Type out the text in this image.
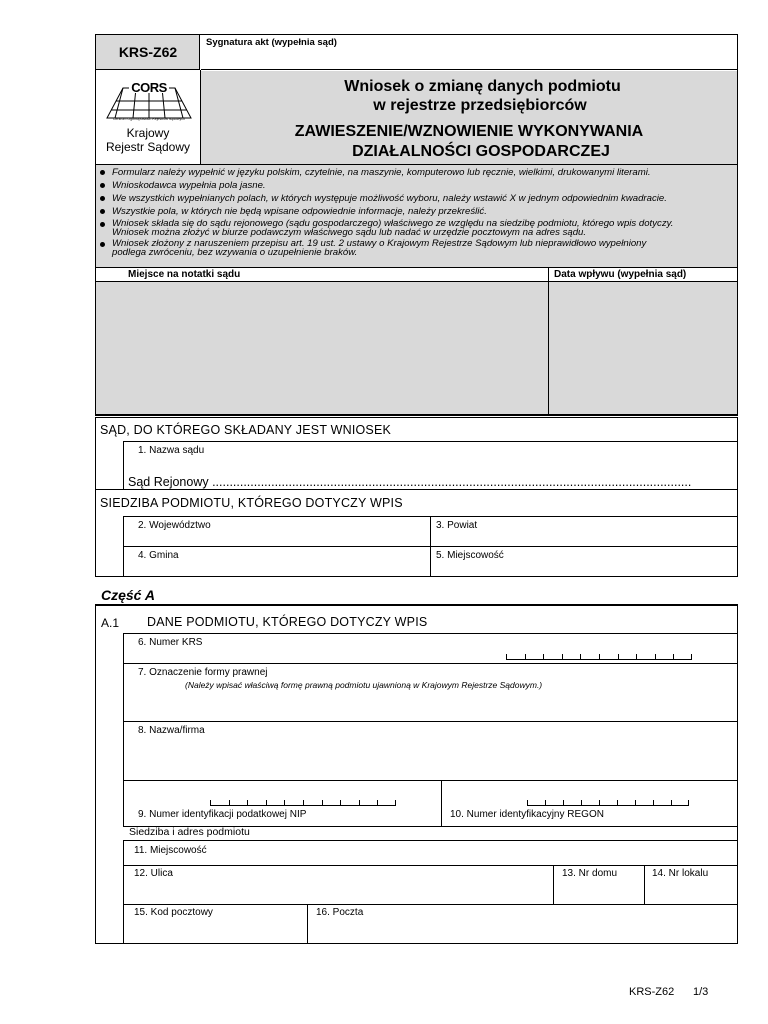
KRS-Z62
Sygnatura akt (wypełnia sąd)
CORS
Centrum Ogólnopolskich Rejestrów Sądowych
Krajowy
Rejestr Sądowy
Wniosek o zmianę danych podmiotu
w rejestrze przedsiębiorców
ZAWIESZENIE/WZNOWIENIE WYKONYWANIA
DZIAŁALNOŚCI GOSPODARCZEJ
Formularz należy wypełnić w języku polskim, czytelnie, na maszynie, komputerowo lub ręcznie, wielkimi, drukowanymi literami.
Wnioskodawca wypełnia pola jasne.
We wszystkich wypełnianych polach, w których występuje możliwość wyboru, należy wstawić X w jednym odpowiednim kwadracie.
Wszystkie pola, w których nie będą wpisane odpowiednie informacje, należy przekreślić.
Wniosek składa się do sądu rejonowego (sądu gospodarczego) właściwego ze względu na siedzibę podmiotu, którego wpis dotyczy.
Wniosek można złożyć w biurze podawczym właściwego sądu lub nadać w urzędzie pocztowym na adres sądu.
Wniosek złożony z naruszeniem przepisu art. 19 ust. 2 ustawy o Krajowym Rejestrze Sądowym lub nieprawidłowo wypełniony
podlega zwróceniu, bez wzywania o uzupełnienie braków.
Miejsce na notatki sądu	Data wpływu (wypełnia sąd)
SĄD, DO KTÓREGO SKŁADANY JEST WNIOSEK
1. Nazwa sądu
Sąd Rejonowy ..........................................................................................................................................
SIEDZIBA PODMIOTU, KTÓREGO DOTYCZY WPIS
2. Województwo	3. Powiat
4. Gmina	5. Miejscowość
Część A
A.1 DANE PODMIOTU, KTÓREGO DOTYCZY WPIS
6. Numer KRS
7. Oznaczenie formy prawnej
(Należy wpisać właściwą formę prawną podmiotu ujawnioną w Krajowym Rejestrze Sądowym.)
8. Nazwa/firma
9. Numer identyfikacji podatkowej NIP	10. Numer identyfikacyjny REGON
Siedziba i adres podmiotu
11. Miejscowość
12. Ulica	13. Nr domu	14. Nr lokalu
15. Kod pocztowy	16. Poczta
KRS-Z62 1/3
